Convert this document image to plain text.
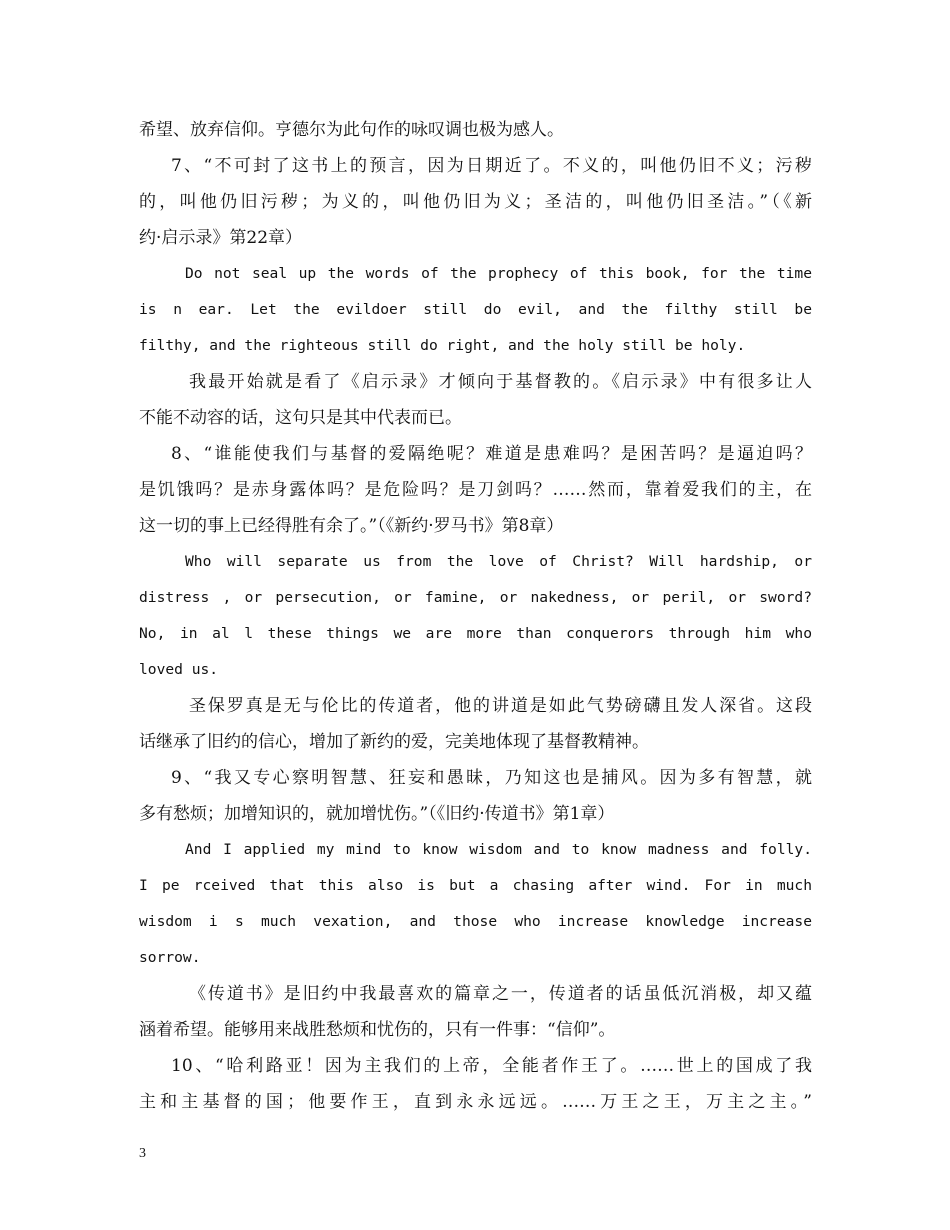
希望、放弃信仰。亨德尔为此句作的咏叹调也极为感人。
7、“不可封了这书上的预言，因为日期近了。不义的，叫他仍旧不义；污秽
的，叫他仍旧污秽；为义的，叫他仍旧为义；圣洁的，叫他仍旧圣洁。”（《新
约·启示录》第22章）
Do not seal up the words of the prophecy of this book, for the time
is n ear. Let the evildoer still do evil, and the filthy still be
filthy, and the righteous still do right, and the holy still be holy.
我最开始就是看了《启示录》才倾向于基督教的。《启示录》中有很多让人
不能不动容的话，这句只是其中代表而已。
8、“谁能使我们与基督的爱隔绝呢？难道是患难吗？是困苦吗？是逼迫吗？
是饥饿吗？是赤身露体吗？是危险吗？是刀剑吗？……然而，靠着爱我们的主，在
这一切的事上已经得胜有余了。”（《新约·罗马书》第8章）
Who will separate us from the love of Christ? Will hardship, or
distress , or persecution, or famine, or nakedness, or peril, or sword?
No, in al l these things we are more than conquerors through him who
loved us.
圣保罗真是无与伦比的传道者，他的讲道是如此气势磅礴且发人深省。这段
话继承了旧约的信心，增加了新约的爱，完美地体现了基督教精神。
9、“我又专心察明智慧、狂妄和愚昧，乃知这也是捕风。因为多有智慧，就
多有愁烦；加增知识的，就加增忧伤。”（《旧约·传道书》第1章）
And I applied my mind to know wisdom and to know madness and folly.
I pe rceived that this also is but a chasing after wind. For in much
wisdom i s much vexation, and those who increase knowledge increase
sorrow.
《传道书》是旧约中我最喜欢的篇章之一，传道者的话虽低沉消极，却又蕴
涵着希望。能够用来战胜愁烦和忧伤的，只有一件事：“信仰”。
10、“哈利路亚！因为主我们的上帝，全能者作王了。……世上的国成了我
主和主基督的国；他要作王，直到永永远远。……万王之王，万主之主。”
3
